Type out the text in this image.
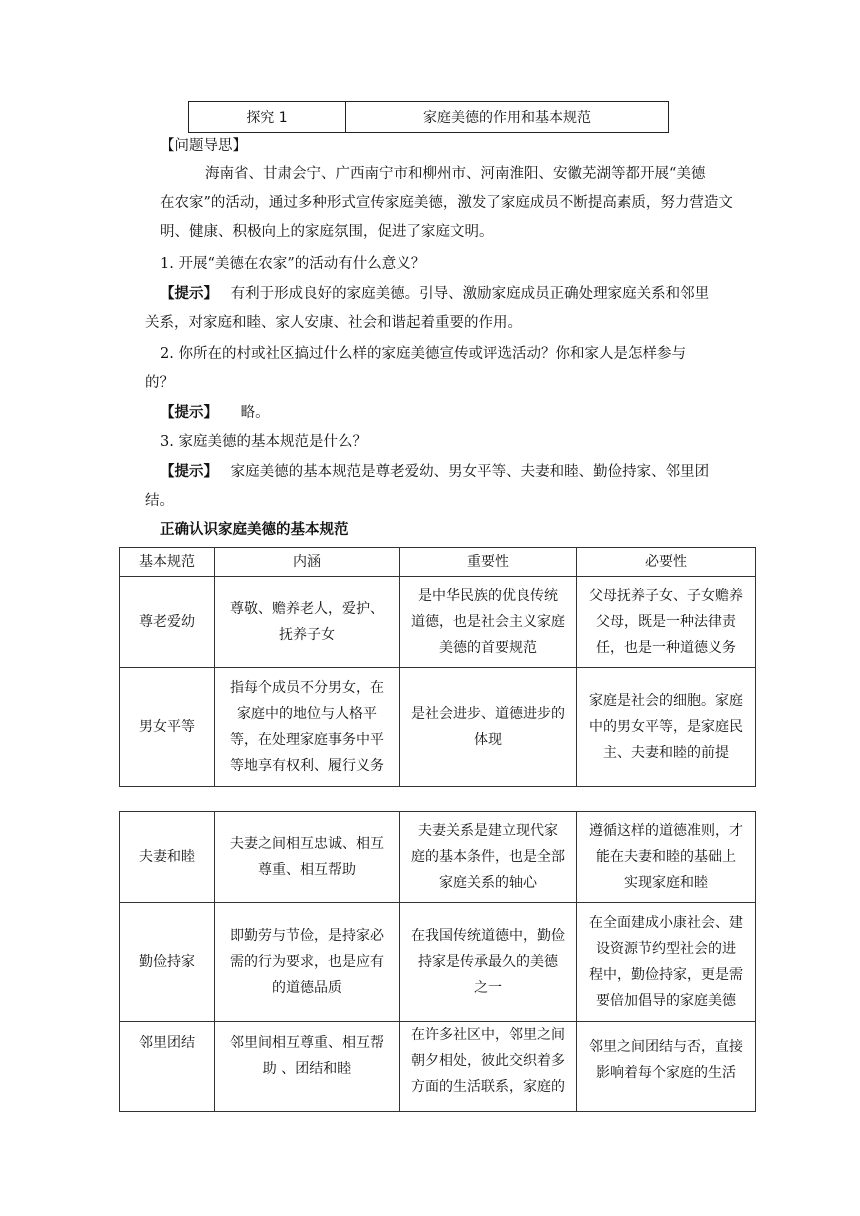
探究 1	家庭美德的作用和基本规范
【问题导思】
海南省、甘肃会宁、广西南宁市和柳州市、河南淮阳、安徽芜湖等都开展“美德
在农家”的活动，通过多种形式宣传家庭美德，激发了家庭成员不断提高素质，努力营造文
明、健康、积极向上的家庭氛围，促进了家庭文明。
1. 开展“美德在农家”的活动有什么意义？
【提示】 有利于形成良好的家庭美德。引导、激励家庭成员正确处理家庭关系和邻里
关系，对家庭和睦、家人安康、社会和谐起着重要的作用。
2. 你所在的村或社区搞过什么样的家庭美德宣传或评选活动？你和家人是怎样参与
的？
【提示】 略。
3. 家庭美德的基本规范是什么？
【提示】 家庭美德的基本规范是尊老爱幼、男女平等、夫妻和睦、勤俭持家、邻里团
结。
正确认识家庭美德的基本规范
基本规范	内涵	重要性	必要性
尊老爱幼	尊敬、赡养老人，爱护、
抚养子女	是中华民族的优良传统
道德，也是社会主义家庭
美德的首要规范	父母抚养子女、子女赡养
父母，既是一种法律责
任，也是一种道德义务
男女平等	指每个成员不分男女，在
家庭中的地位与人格平
等，在处理家庭事务中平
等地享有权利、履行义务	是社会进步、道德进步的
体现	家庭是社会的细胞。家庭
中的男女平等，是家庭民
主、夫妻和睦的前提
夫妻和睦	夫妻之间相互忠诚、相互
尊重、相互帮助	夫妻关系是建立现代家
庭的基本条件，也是全部
家庭关系的轴心	遵循这样的道德准则，才
能在夫妻和睦的基础上
实现家庭和睦
勤俭持家	即勤劳与节俭，是持家必
需的行为要求，也是应有
的道德品质	在我国传统道德中，勤俭
持家是传承最久的美德
之一	在全面建成小康社会、建
设资源节约型社会的进
程中，勤俭持家，更是需
要倍加倡导的家庭美德
邻里团结	邻里间相互尊重、相互帮
助 、团结和睦	在许多社区中，邻里之间
朝夕相处，彼此交织着多
方面的生活联系，家庭的	邻里之间团结与否，直接
影响着每个家庭的生活
